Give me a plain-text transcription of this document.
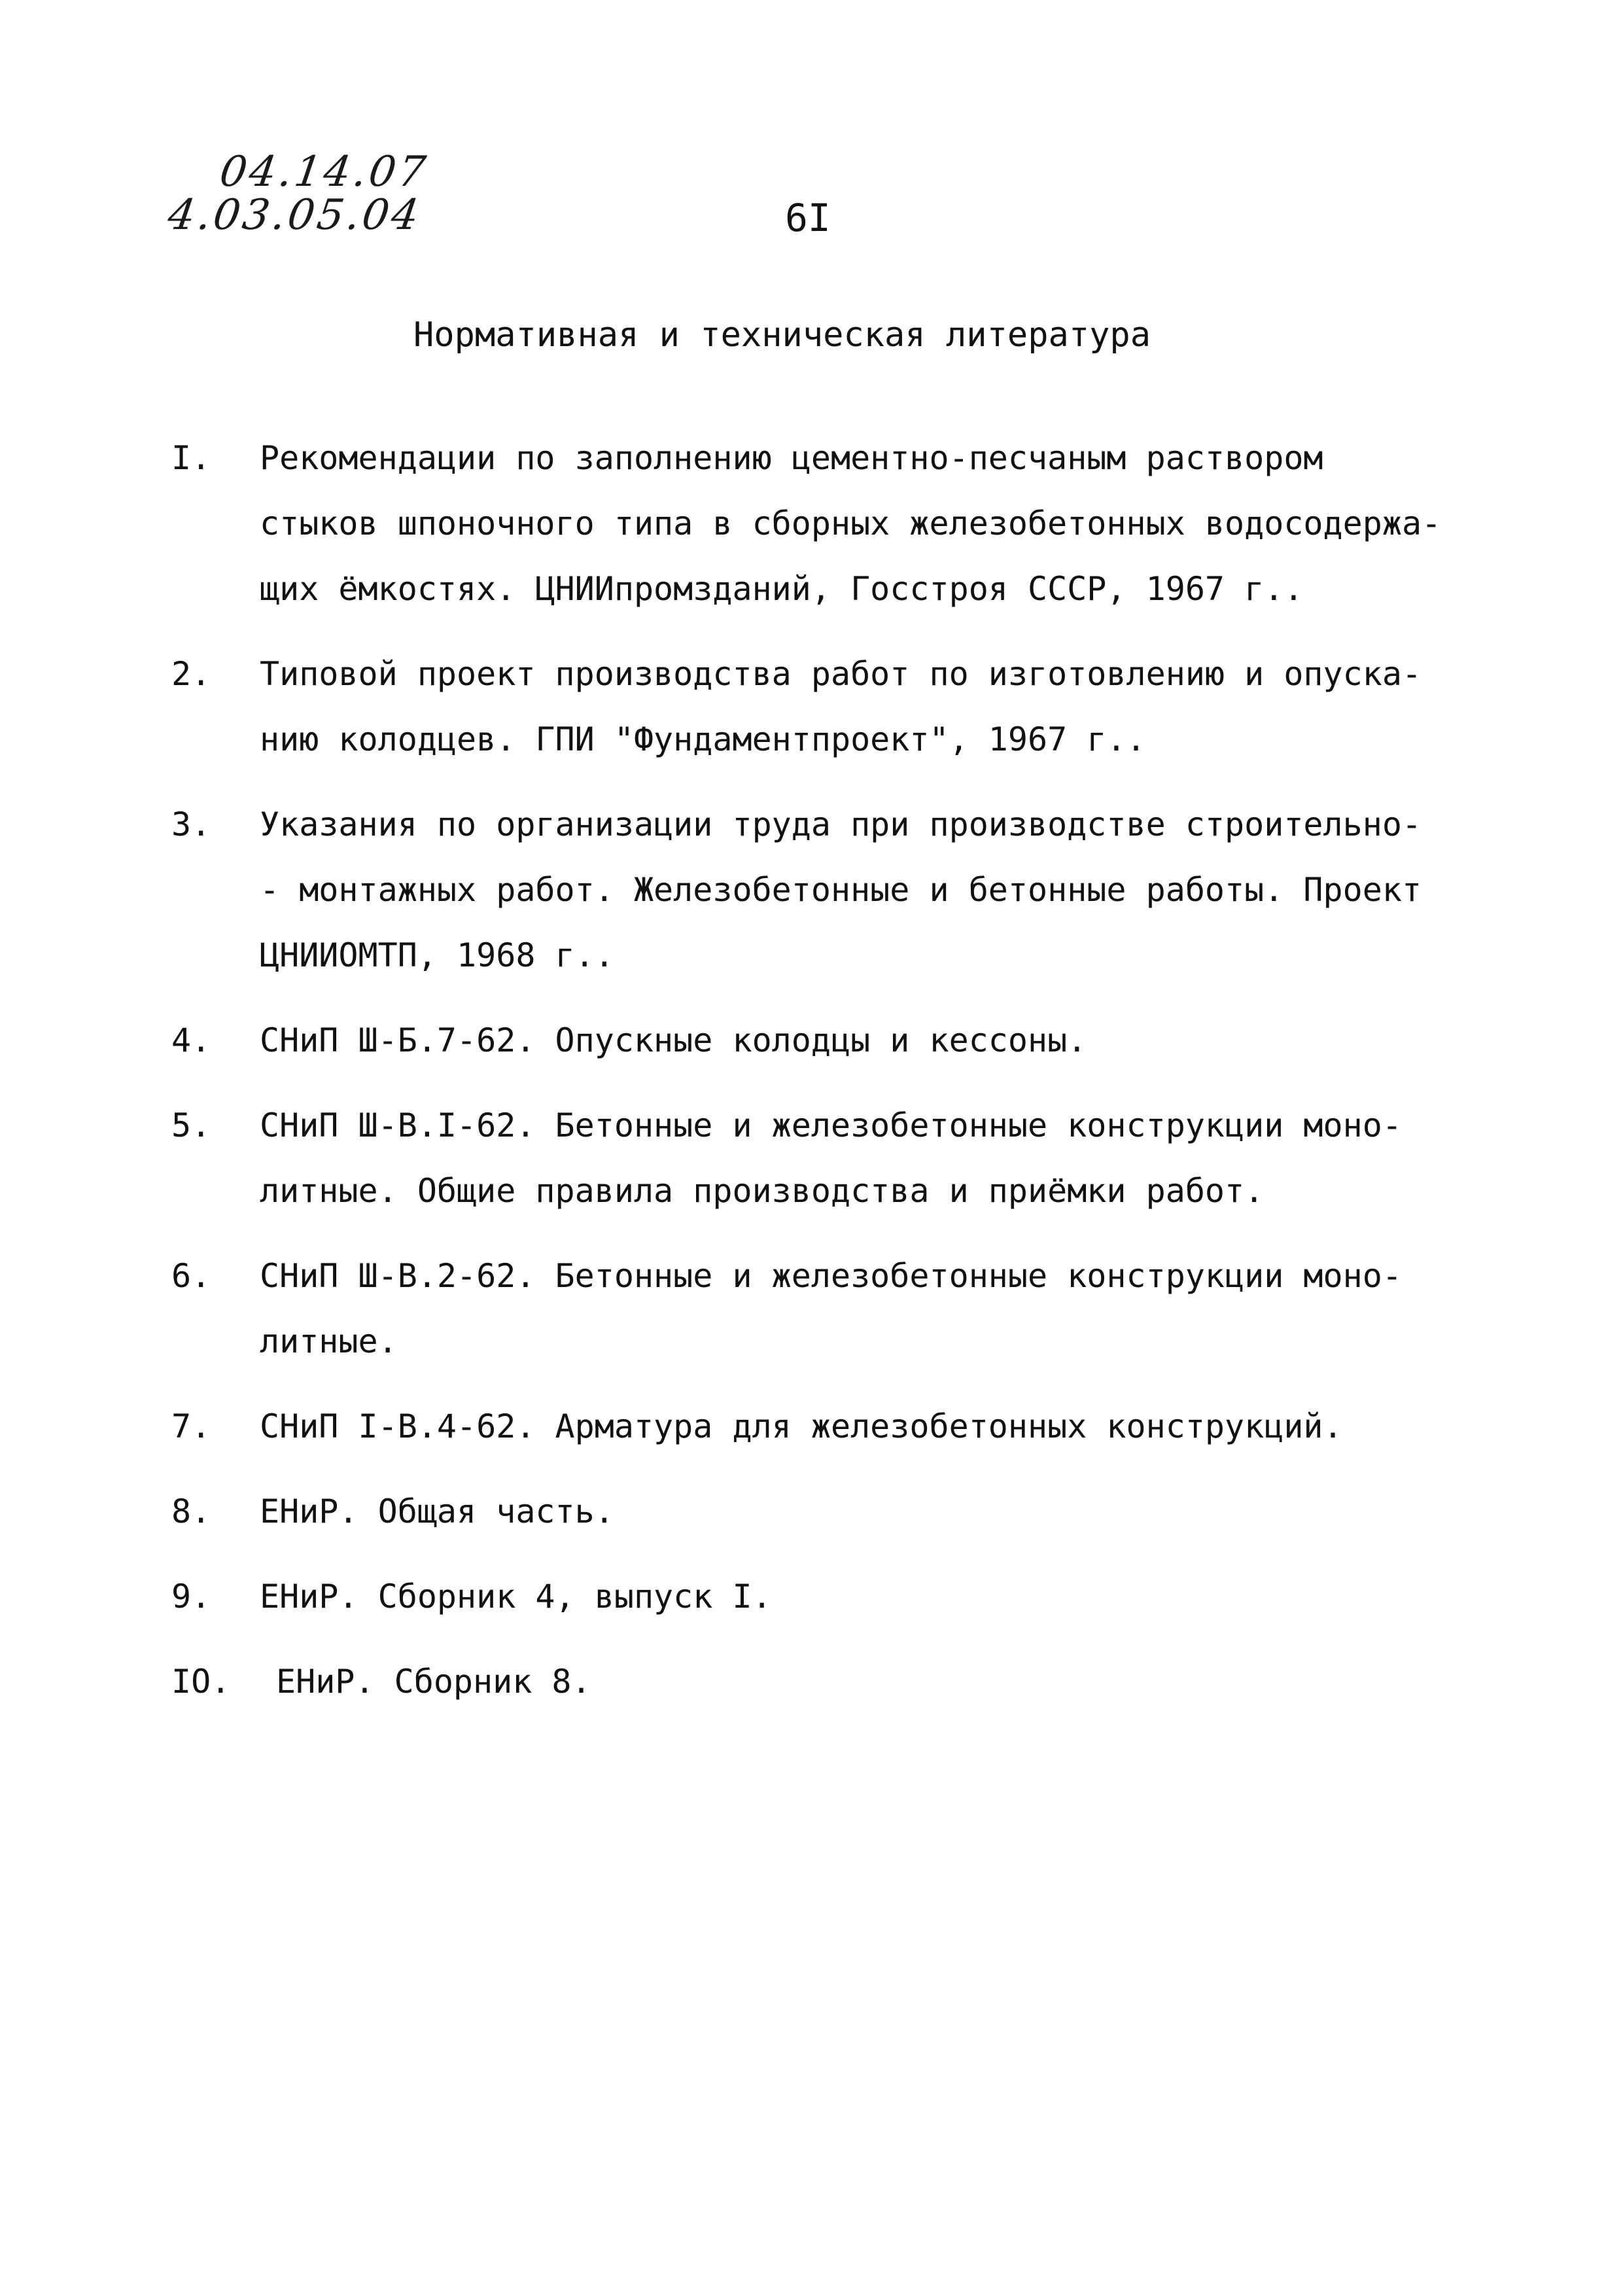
04.14.07
4.03.05.04	6I
Нормативная и техническая литература
I. Рекомендации по заполнению цементно-песчаным раствором
стыков шпоночного типа в сборных железобетонных водосодержа-
щих ёмкостях. ЦНИИпромзданий, Госстроя СССР, 1967 г..
2. Типовой проект производства работ по изготовлению и опуска-
нию колодцев. ГПИ "Фундаментпроект", 1967 г..
3. Указания по организации труда при производстве строительно-
- монтажных работ. Железобетонные и бетонные работы. Проект
ЦНИИОМТП, 1968 г..
4. СНиП Ш-Б.7-62. Опускные колодцы и кессоны.
5. СНиП Ш-В.I-62. Бетонные и железобетонные конструкции моно-
литные. Общие правила производства и приёмки работ.
6. СНиП Ш-В.2-62. Бетонные и железобетонные конструкции моно-
литные.
7. СНиП I-В.4-62. Арматура для железобетонных конструкций.
8. ЕНиР. Общая часть.
9. ЕНиР. Сборник 4, выпуск I.
IO. ЕНиР. Сборник 8.
